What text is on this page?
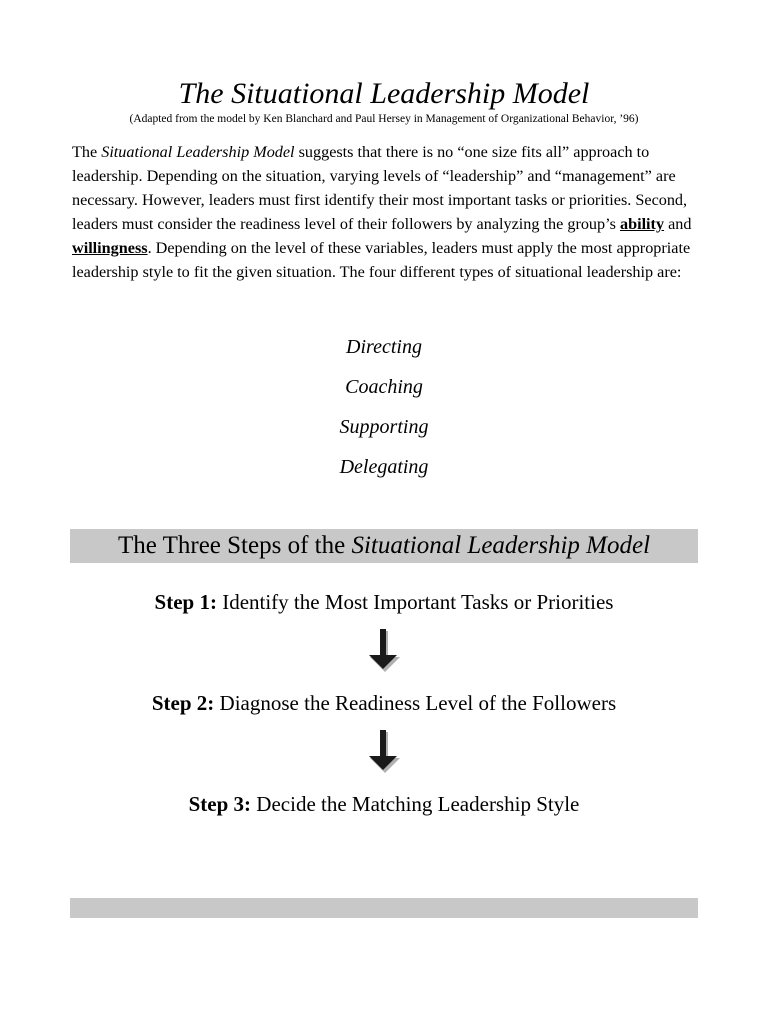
The Situational Leadership Model
(Adapted from the model by Ken Blanchard and Paul Hersey in Management of Organizational Behavior, ’96)

The Situational Leadership Model suggests that there is no “one size fits all” approach to leadership. Depending on the situation, varying levels of “leadership” and “management” are necessary. However, leaders must first identify their most important tasks or priorities. Second, leaders must consider the readiness level of their followers by analyzing the group’s ability and willingness. Depending on the level of these variables, leaders must apply the most appropriate leadership style to fit the given situation. The four different types of situational leadership are:

Directing
Coaching
Supporting
Delegating
The Three Steps of the Situational Leadership Model
Step 1: Identify the Most Important Tasks or Priorities
Step 2: Diagnose the Readiness Level of the Followers
Step 3: Decide the Matching Leadership Style
